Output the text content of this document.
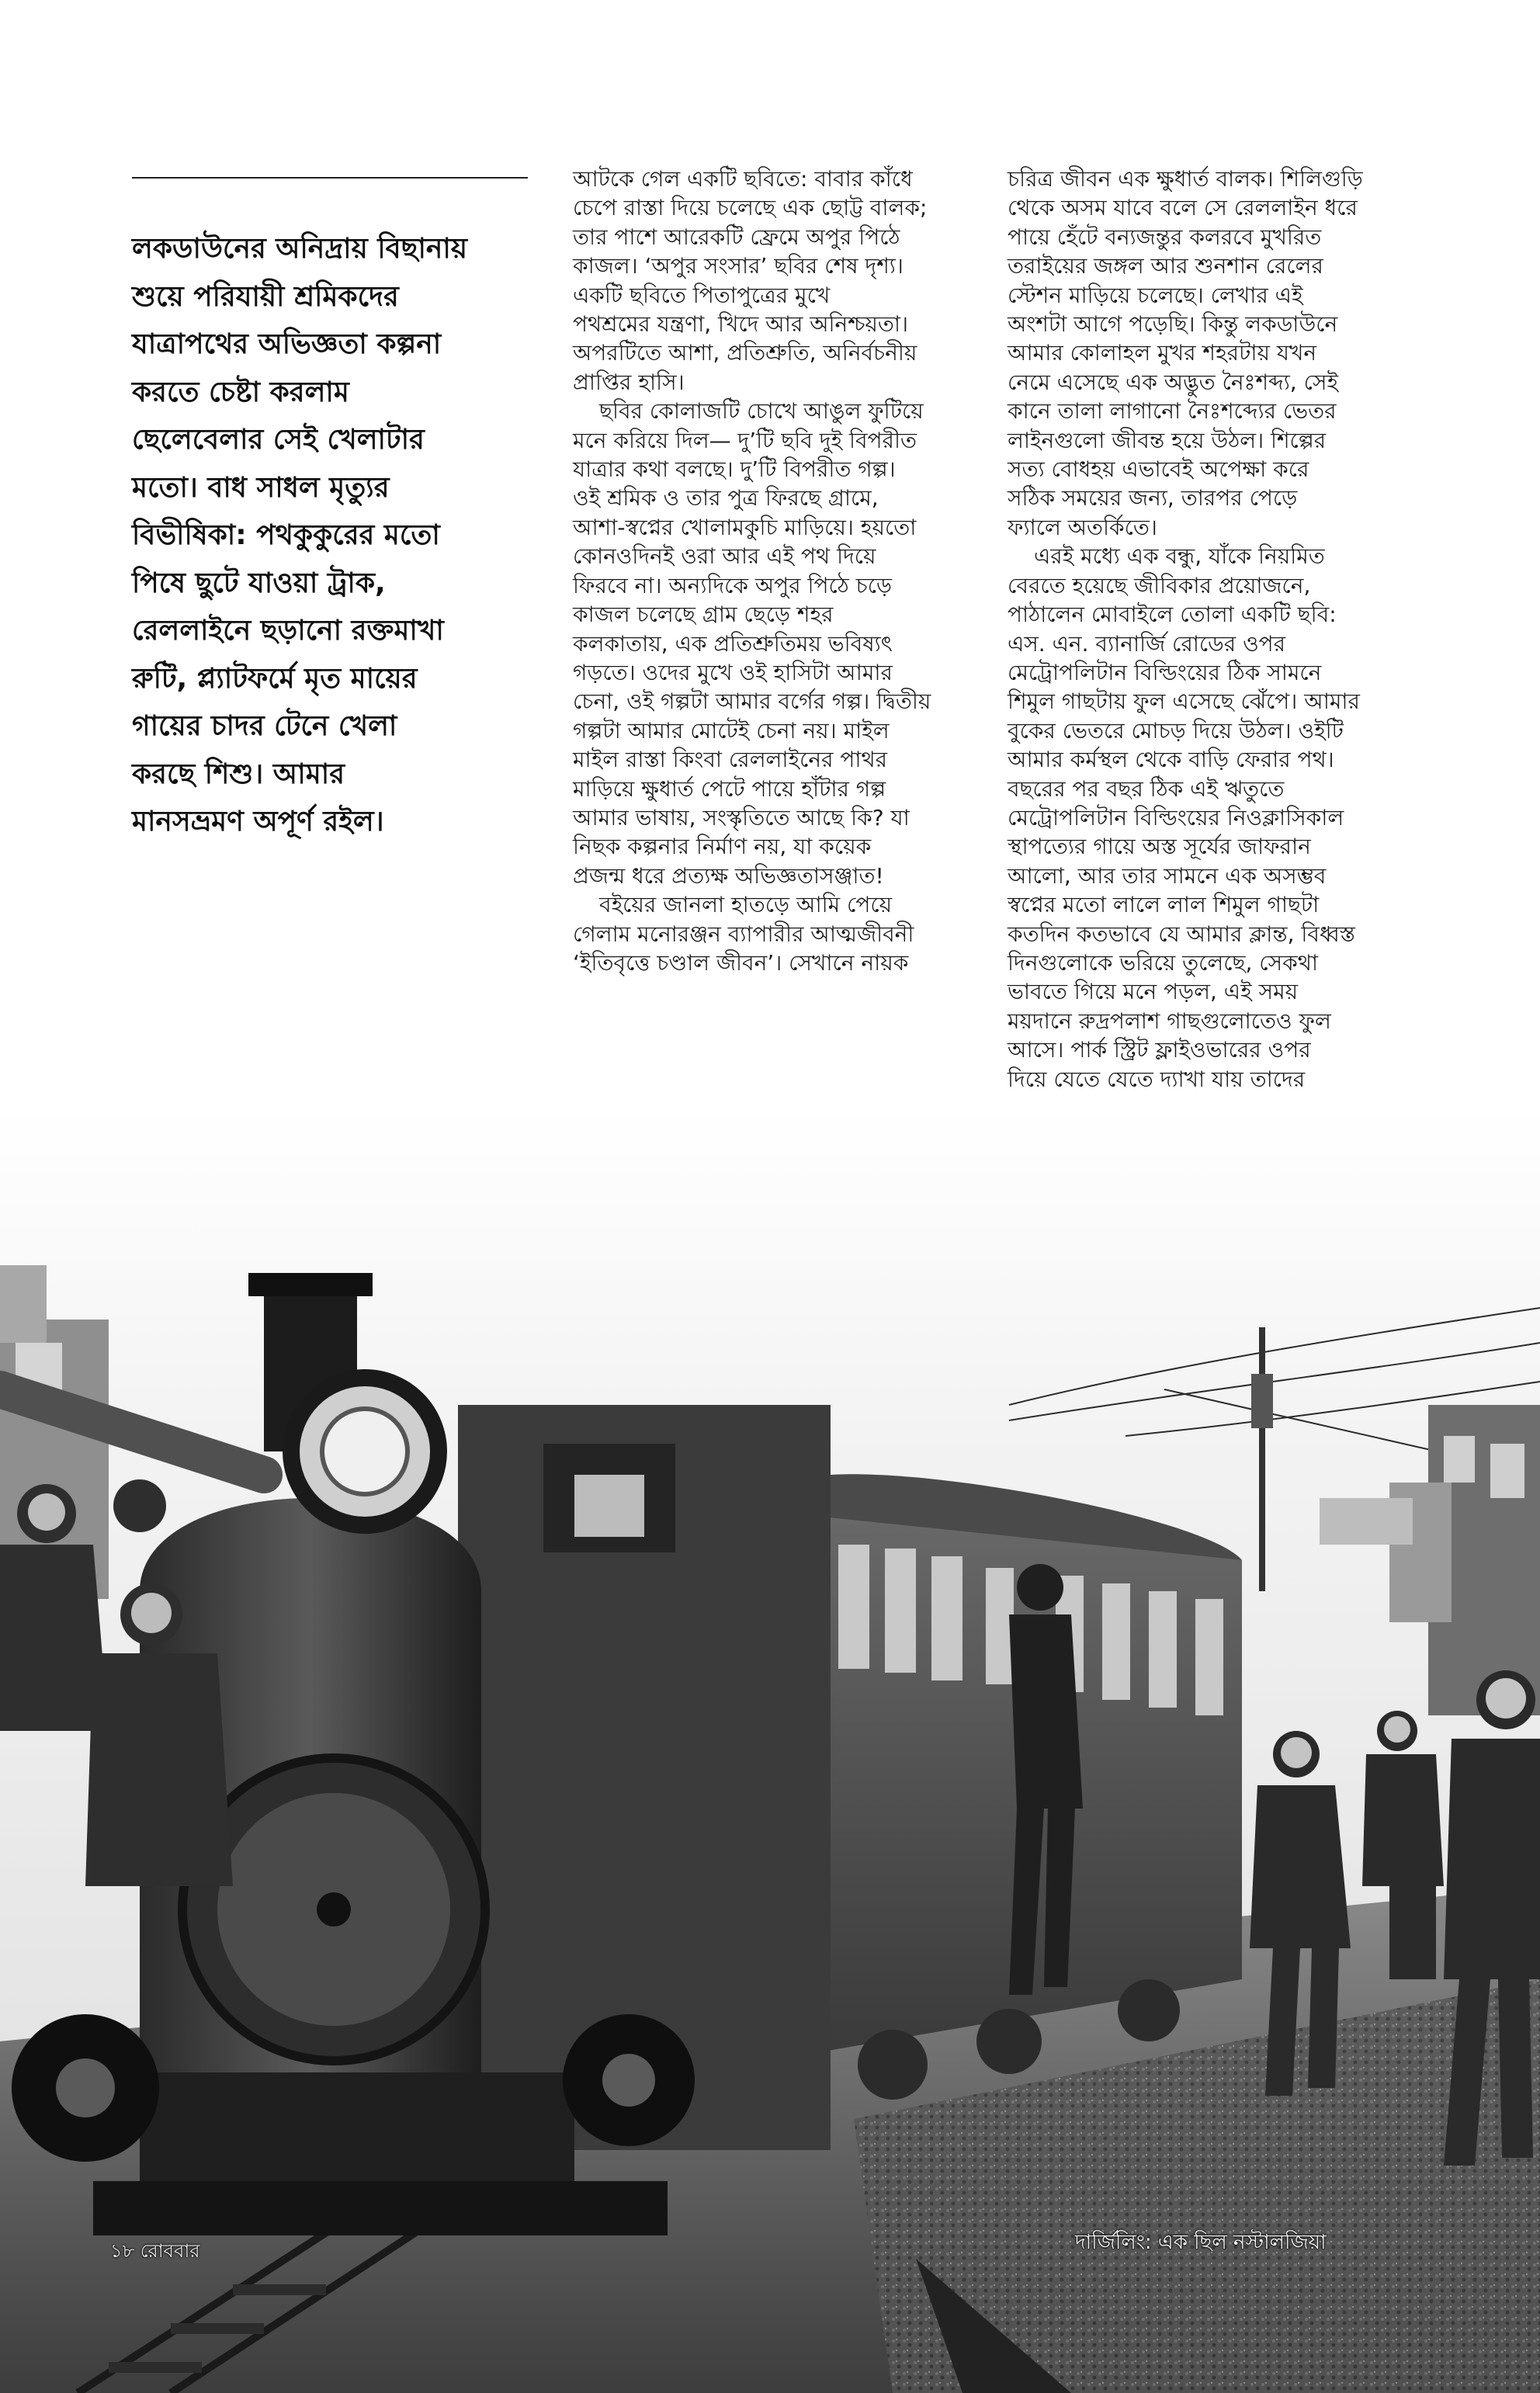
লকডাউনের অনিদ্রায় বিছানায়
শুয়ে পরিযায়ী শ্রমিকদের
যাত্রাপথের অভিজ্ঞতা কল্পনা
করতে চেষ্টা করলাম
ছেলেবেলার সেই খেলাটার
মতো। বাধ সাধল মৃত্যুর
বিভীষিকা: পথকুকুরের মতো
পিষে ছুটে যাওয়া ট্রাক,
রেললাইনে ছড়ানো রক্তমাখা
রুটি, প্ল্যাটফর্মে মৃত মায়ের
গায়ের চাদর টেনে খেলা
করছে শিশু। আমার
মানসভ্রমণ অপূর্ণ রইল।
আটকে গেল একটি ছবিতে: বাবার কাঁধে
চেপে রাস্তা দিয়ে চলেছে এক ছোট্ট বালক;
তার পাশে আরেকটি ফ্রেমে অপুর পিঠে
কাজল। ‘অপুর সংসার’ ছবির শেষ দৃশ্য।
একটি ছবিতে পিতাপুত্রের মুখে
পথশ্রমের যন্ত্রণা, খিদে আর অনিশ্চয়তা।
অপরটিতে আশা, প্রতিশ্রুতি, অনির্বচনীয়
প্রাপ্তির হাসি।
ছবির কোলাজটি চোখে আঙুল ফুটিয়ে
মনে করিয়ে দিল— দু’টি ছবি দুই বিপরীত
যাত্রার কথা বলছে। দু’টি বিপরীত গল্প।
ওই শ্রমিক ও তার পুত্র ফিরছে গ্রামে,
আশা-স্বপ্নের খোলামকুচি মাড়িয়ে। হয়তো
কোনওদিনই ওরা আর এই পথ দিয়ে
ফিরবে না। অন্যদিকে অপুর পিঠে চড়ে
কাজল চলেছে গ্রাম ছেড়ে শহর
কলকাতায়, এক প্রতিশ্রুতিময় ভবিষ্যৎ
গড়তে। ওদের মুখে ওই হাসিটা আমার
চেনা, ওই গল্পটা আমার বর্গের গল্প। দ্বিতীয়
গল্পটা আমার মোটেই চেনা নয়। মাইল
মাইল রাস্তা কিংবা রেললাইনের পাথর
মাড়িয়ে ক্ষুধার্ত পেটে পায়ে হাঁটার গল্প
আমার ভাষায়, সংস্কৃতিতে আছে কি? যা
নিছক কল্পনার নির্মাণ নয়, যা কয়েক
প্রজন্ম ধরে প্রত্যক্ষ অভিজ্ঞতাসঞ্জাত!
বইয়ের জানলা হাতড়ে আমি পেয়ে
গেলাম মনোরঞ্জন ব্যাপারীর আত্মজীবনী
‘ইতিবৃত্তে চণ্ডাল জীবন’। সেখানে নায়ক
চরিত্র জীবন এক ক্ষুধার্ত বালক। শিলিগুড়ি
থেকে অসম যাবে বলে সে রেললাইন ধরে
পায়ে হেঁটে বন্যজন্তুর কলরবে মুখরিত
তরাইয়ের জঙ্গল আর শুনশান রেলের
স্টেশন মাড়িয়ে চলেছে। লেখার এই
অংশটা আগে পড়েছি। কিন্তু লকডাউনে
আমার কোলাহল মুখর শহরটায় যখন
নেমে এসেছে এক অদ্ভুত নৈঃশব্দ্য, সেই
কানে তালা লাগানো নৈঃশব্দ্যের ভেতর
লাইনগুলো জীবন্ত হয়ে উঠল। শিল্পের
সত্য বোধহয় এভাবেই অপেক্ষা করে
সঠিক সময়ের জন্য, তারপর পেড়ে
ফ্যালে অতর্কিতে।
এরই মধ্যে এক বন্ধু, যাঁকে নিয়মিত
বেরতে হয়েছে জীবিকার প্রয়োজনে,
পাঠালেন মোবাইলে তোলা একটি ছবি:
এস. এন. ব্যানার্জি রোডের ওপর
মেট্রোপলিটান বিল্ডিংয়ের ঠিক সামনে
শিমুল গাছটায় ফুল এসেছে ঝেঁপে। আমার
বুকের ভেতরে মোচড় দিয়ে উঠল। ওইটি
আমার কর্মস্থল থেকে বাড়ি ফেরার পথ।
বছরের পর বছর ঠিক এই ঋতুতে
মেট্রোপলিটান বিল্ডিংয়ের নিওক্লাসিকাল
স্থাপত্যের গায়ে অস্ত সূর্যের জাফরান
আলো, আর তার সামনে এক অসম্ভব
স্বপ্নের মতো লালে লাল শিমুল গাছটা
কতদিন কতভাবে যে আমার ক্লান্ত, বিধ্বস্ত
দিনগুলোকে ভরিয়ে তুলেছে, সেকথা
ভাবতে গিয়ে মনে পড়ল, এই সময়
ময়দানে রুদ্রপলাশ গাছগুলোতেও ফুল
আসে। পার্ক স্ট্রিট ফ্লাইওভারের ওপর
দিয়ে যেতে যেতে দ্যাখা যায় তাদের
১৮ রোববার	দার্জিলিং: এক ছিল নস্টালজিয়া
